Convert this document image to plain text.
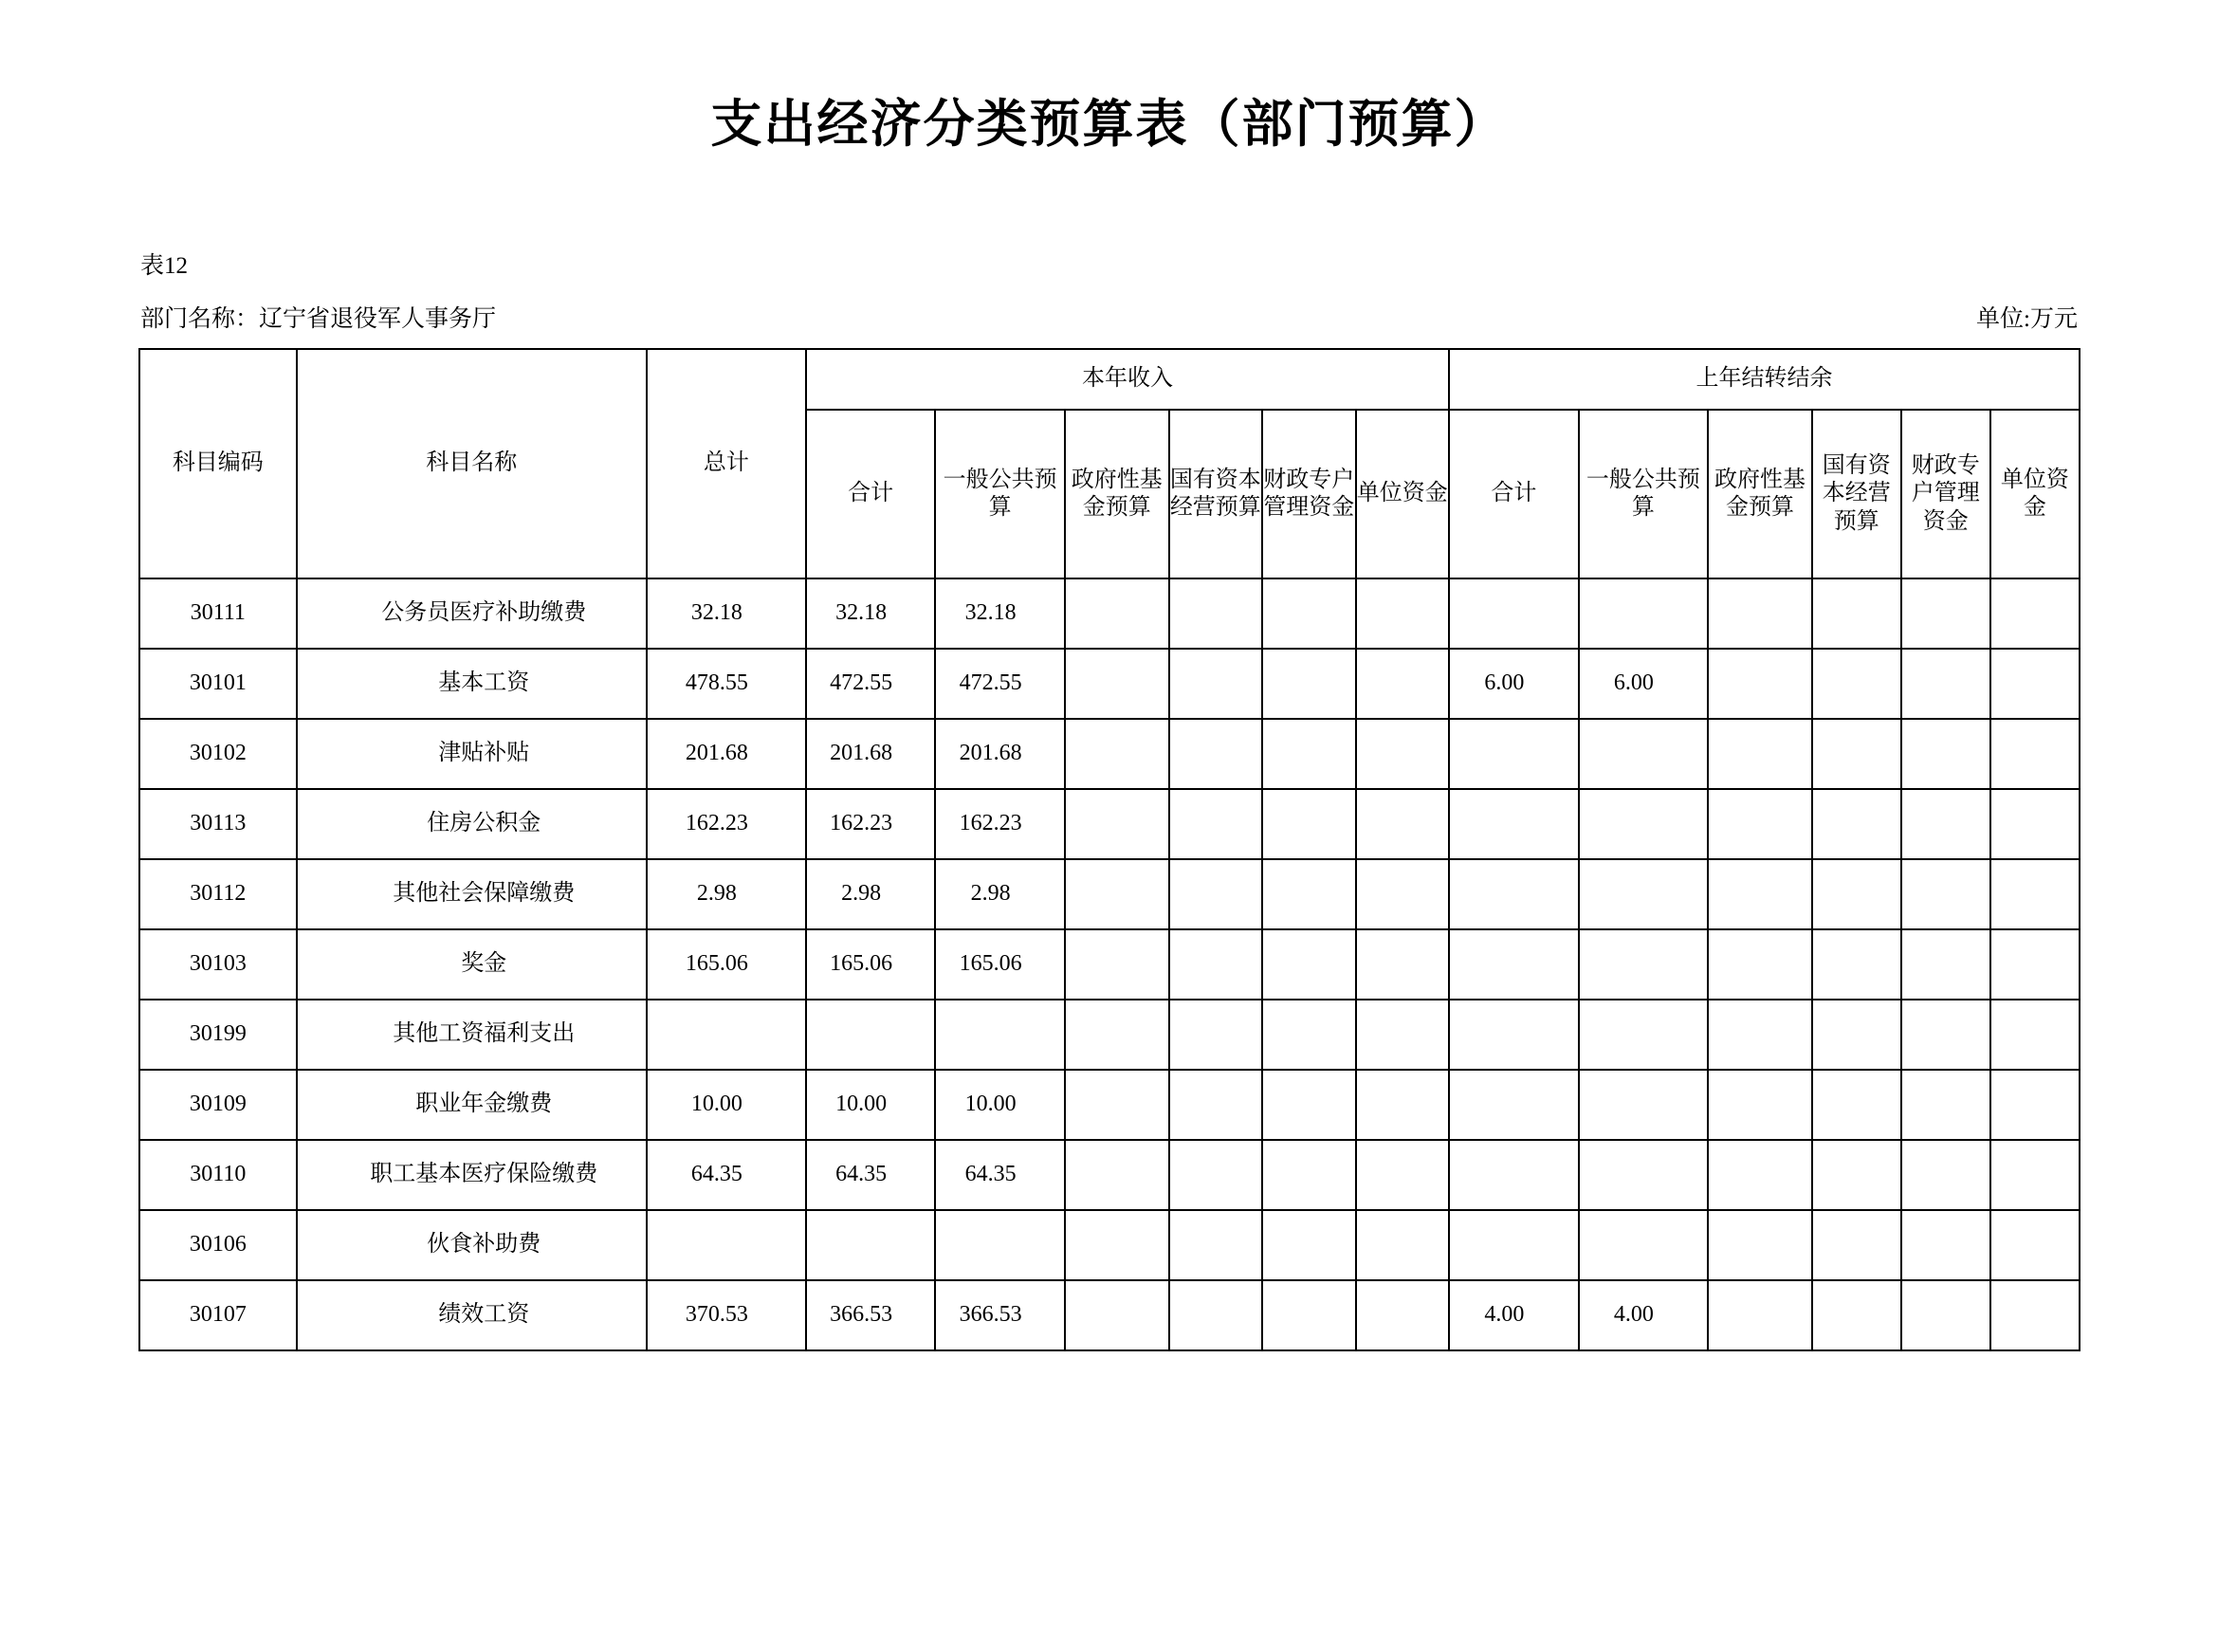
支出经济分类预算表（部门预算）
表12
部门名称：辽宁省退役军人事务厅	单位:万元
科目编码	科目名称	总计	本年收入						上年结转结余					
			合计	一般公共预算	政府性基金预算	国有资本经营预算	财政专户管理资金	单位资金	合计	一般公共预算	政府性基金预算	国有资本经营预算	财政专户管理资金	单位资金
30111	公务员医疗补助缴费	32.18	32.18	32.18										
30101	基本工资	478.55	472.55	472.55					6.00	6.00				
30102	津贴补贴	201.68	201.68	201.68										
30113	住房公积金	162.23	162.23	162.23										
30112	其他社会保障缴费	2.98	2.98	2.98										
30103	奖金	165.06	165.06	165.06										
30199	其他工资福利支出													
30109	职业年金缴费	10.00	10.00	10.00										
30110	职工基本医疗保险缴费	64.35	64.35	64.35										
30106	伙食补助费													
30107	绩效工资	370.53	366.53	366.53					4.00	4.00				
